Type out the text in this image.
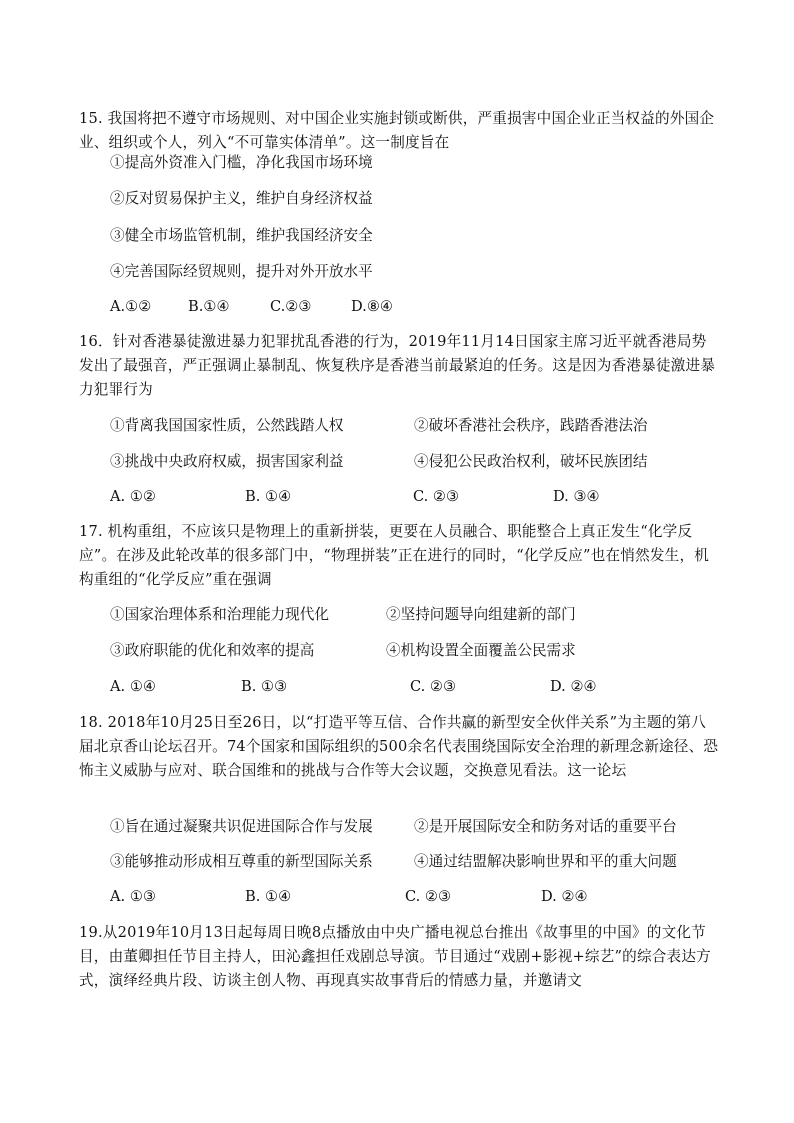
15. 我国将把不遵守市场规则、对中国企业实施封锁或断供，严重损害中国企业正当权益的外国企业、组织或个人，列入“不可靠实体清单”。这一制度旨在

①提高外资准入门槛，净化我国市场环境

②反对贸易保护主义，维护自身经济权益

③健全市场监管机制，维护我国经济安全

④完善国际经贸规则，提升对外开放水平

A.①②	B.①④	C.②③	D.⑧④

16．针对香港暴徒激进暴力犯罪扰乱香港的行为，2019年11月14日国家主席习近平就香港局势发出了最强音，严正强调止暴制乱、恢复秩序是香港当前最紧迫的任务。这是因为香港暴徒激进暴力犯罪行为

①背离我国国家性质，公然践踏人权	②破坏香港社会秩序，践踏香港法治

③挑战中央政府权威，损害国家利益	④侵犯公民政治权利，破坏民族团结

A. ①②	B. ①④	C. ②③	D. ③④

17. 机构重组，不应该只是物理上的重新拼装，更要在人员融合、职能整合上真正发生“化学反应”。在涉及此轮改革的很多部门中，“物理拼装”正在进行的同时，“化学反应”也在悄然发生，机构重组的“化学反应”重在强调

①国家治理体系和治理能力现代化	②坚持问题导向组建新的部门

③政府职能的优化和效率的提高	④机构设置全面覆盖公民需求

A. ①④	B. ①③	C. ②③	D. ②④

18. 2018年10月25日至26日，以“打造平等互信、合作共赢的新型安全伙伴关系”为主题的第八届北京香山论坛召开。74个国家和国际组织的500余名代表围绕国际安全治理的新理念新途径、恐怖主义威胁与应对、联合国维和的挑战与合作等大会议题，交换意见看法。这一论坛

①旨在通过凝聚共识促进国际合作与发展	②是开展国际安全和防务对话的重要平台

③能够推动形成相互尊重的新型国际关系	④通过结盟解决影响世界和平的重大问题

A. ①③	B. ①④	C. ②③	D. ②④

19.从2019年10月13日起每周日晚8点播放由中央广播电视总台推出《故事里的中国》的文化节目，由董卿担任节目主持人，田沁鑫担任戏剧总导演。节目通过“戏剧+影视+综艺”的综合表达方式，演绎经典片段、访谈主创人物、再现真实故事背后的情感力量，并邀请文
